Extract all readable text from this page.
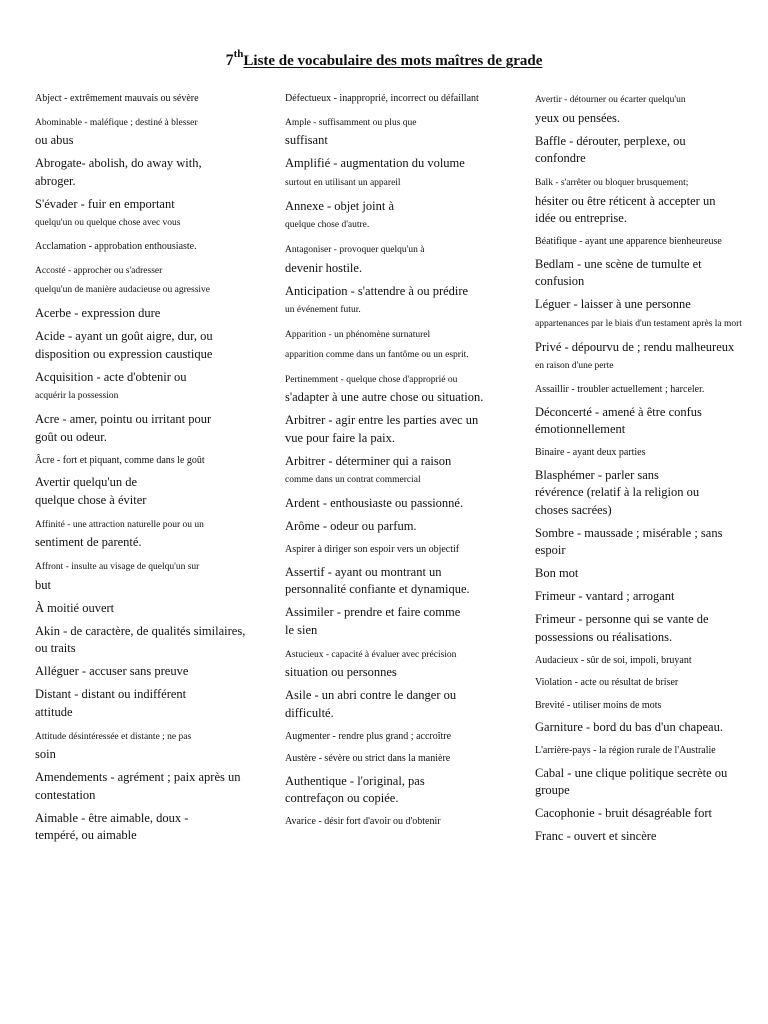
7thListe de vocabulaire des mots maîtres de grade
Abject - extrêmement mauvais ou sévère
Abominable - maléfique ; destiné à blesser
ou abus
Abrogate- abolish, do away with,
abroger.
S'évader - fuir en emportant
quelqu'un ou quelque chose avec vous
Acclamation - approbation enthousiaste.
Accosté - approcher ou s'adresser
quelqu'un de manière audacieuse ou agressive
Acerbe - expression dure
Acide - ayant un goût aigre, dur, ou
disposition ou expression caustique
Acquisition - acte d'obtenir ou
acquérir la possession
Acre - amer, pointu ou irritant pour
goût ou odeur.
Âcre - fort et piquant, comme dans le goût
Avertir quelqu'un de
quelque chose à éviter
Affinité - une attraction naturelle pour ou un
sentiment de parenté.
Affront - insulte au visage de quelqu'un sur
but
À moitié ouvert
Akin - de caractère, de qualités similaires,
ou traits
Alléguer - accuser sans preuve
Distant - distant ou indifférent
attitude
Attitude désintéressée et distante ; ne pas
soin
Amendements - agrément ; paix après un
contestation
Aimable - être aimable, doux -
tempéré, ou aimable
Défectueux - inapproprié, incorrect ou défaillant
Ample - suffisamment ou plus que
suffisant
Amplifié - augmentation du volume
surtout en utilisant un appareil
Annexe - objet joint à
quelque chose d'autre.
Antagoniser - provoquer quelqu'un à
devenir hostile.
Anticipation - s'attendre à ou prédire
un événement futur.
Apparition - un phénomène surnaturel
apparition comme dans un fantôme ou un esprit.
Pertinemment - quelque chose d'approprié ou
s'adapter à une autre chose ou situation.
Arbitrer - agir entre les parties avec un
vue pour faire la paix.
Arbitrer - déterminer qui a raison
comme dans un contrat commercial
Ardent - enthousiaste ou passionné.
Arôme - odeur ou parfum.
Aspirer à diriger son espoir vers un objectif
Assertif - ayant ou montrant un
personnalité confiante et dynamique.
Assimiler - prendre et faire comme
le sien
Astucieux - capacité à évaluer avec précision
situation ou personnes
Asile - un abri contre le danger ou
difficulté.
Augmenter - rendre plus grand ; accroître
Austère - sévère ou strict dans la manière
Authentique - l'original, pas
contrefaçon ou copiée.
Avarice - désir fort d'avoir ou d'obtenir
Avertir - détourner ou écarter quelqu'un
yeux ou pensées.
Baffle - dérouter, perplexe, ou
confondre
Balk - s'arrêter ou bloquer brusquement;
hésiter ou être réticent à accepter un
idée ou entreprise.
Béatifique - ayant une apparence bienheureuse
Bedlam - une scène de tumulte et
confusion
Léguer - laisser à une personne
appartenances par le biais d'un testament après la mort
Privé - dépourvu de ; rendu malheureux
en raison d'une perte
Assaillir - troubler actuellement ; harceler.
Déconcerté - amené à être confus
émotionnellement
Binaire - ayant deux parties
Blasphémer - parler sans
révérence (relatif à la religion ou
choses sacrées)
Sombre - maussade ; misérable ; sans
espoir
Bon mot
Frimeur - vantard ; arrogant
Frimeur - personne qui se vante de
possessions ou réalisations.
Audacieux - sûr de soi, impoli, bruyant
Violation - acte ou résultat de briser
Brevité - utiliser moins de mots
Garniture - bord du bas d'un chapeau.
L'arrière-pays - la région rurale de l'Australie
Cabal - une clique politique secrète ou
groupe
Cacophonie - bruit désagréable fort
Franc - ouvert et sincère
